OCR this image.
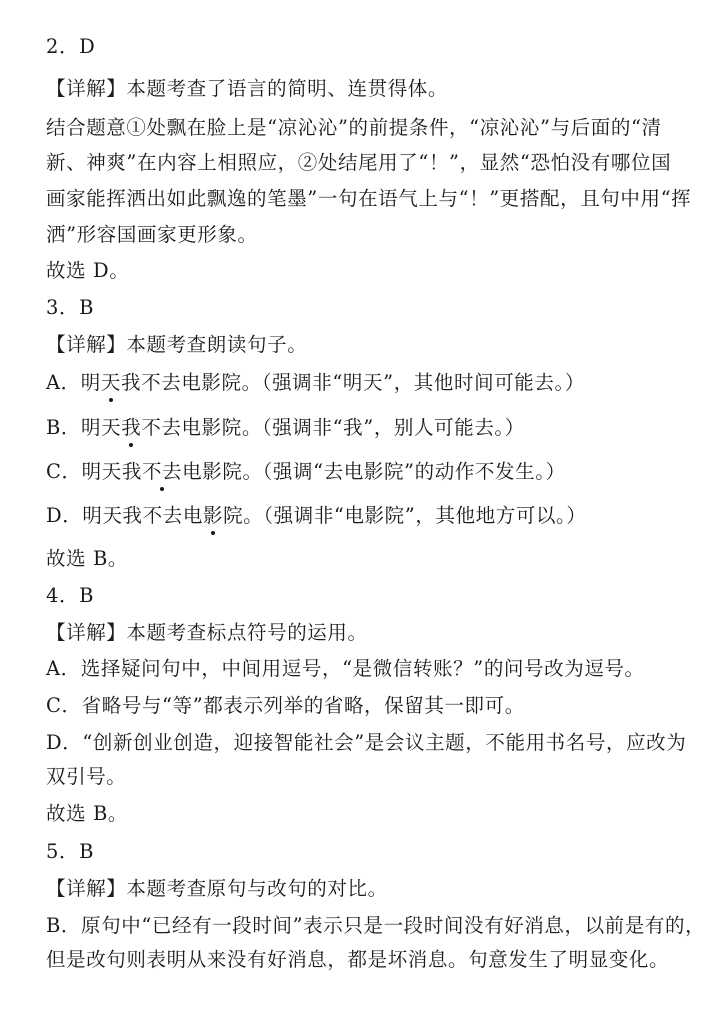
2．D
【详解】本题考查了语言的简明、连贯得体。
结合题意①处飘在脸上是“凉沁沁”的前提条件，“凉沁沁”与后面的“清
新、神爽”在内容上相照应，②处结尾用了“！”，显然“恐怕没有哪位国
画家能挥洒出如此飘逸的笔墨”一句在语气上与“！”更搭配，且句中用“挥
洒”形容国画家更形象。
故选 D。
3．B
【详解】本题考查朗读句子。
A．明天我不去电影院。（强调非“明天”，其他时间可能去。）
B．明天我不去电影院。（强调非“我”，别人可能去。）
C．明天我不去电影院。（强调“去电影院”的动作不发生。）
D．明天我不去电影院。（强调非“电影院”，其他地方可以。）
故选 B。
4．B
【详解】本题考查标点符号的运用。
A．选择疑问句中，中间用逗号，“是微信转账？”的问号改为逗号。
C．省略号与“等”都表示列举的省略，保留其一即可。
D．“创新创业创造，迎接智能社会”是会议主题，不能用书名号，应改为
双引号。
故选 B。
5．B
【详解】本题考查原句与改句的对比。
B．原句中“已经有一段时间”表示只是一段时间没有好消息，以前是有的，
但是改句则表明从来没有好消息，都是坏消息。句意发生了明显变化。
